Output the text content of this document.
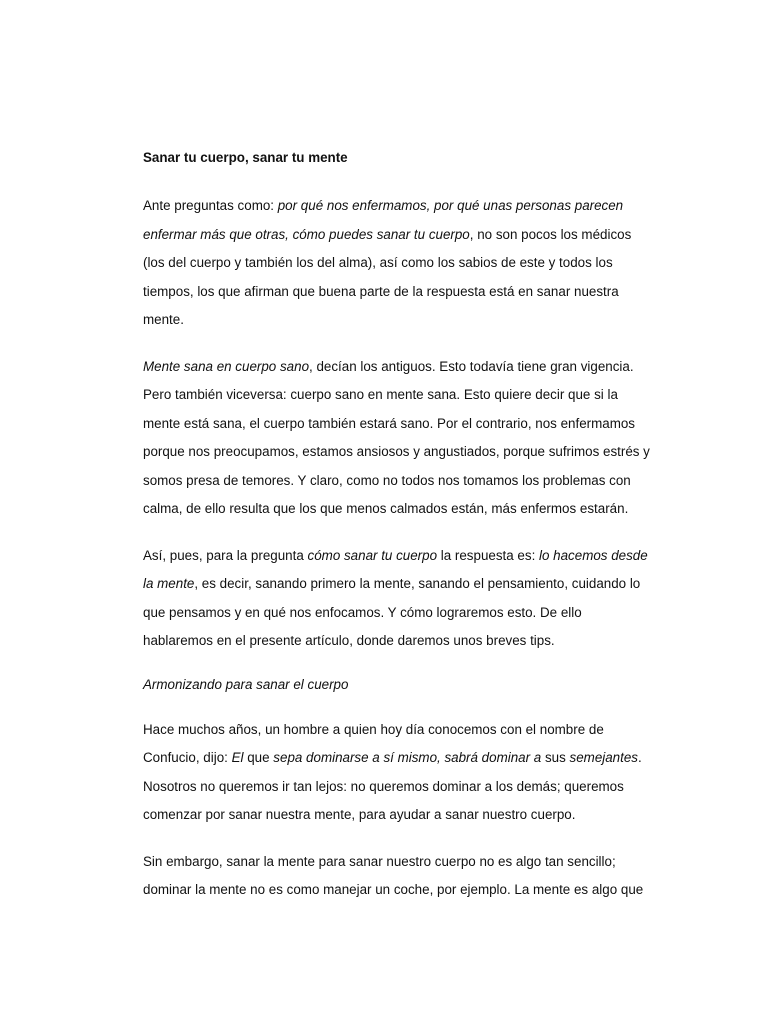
Sanar tu cuerpo, sanar tu mente
Ante preguntas como: por qué nos enfermamos, por qué unas personas parecen
enfermar más que otras, cómo puedes sanar tu cuerpo, no son pocos los médicos
(los del cuerpo y también los del alma), así como los sabios de este y todos los
tiempos, los que afirman que buena parte de la respuesta está en sanar nuestra
mente.
Mente sana en cuerpo sano, decían los antiguos. Esto todavía tiene gran vigencia.
Pero también viceversa: cuerpo sano en mente sana. Esto quiere decir que si la
mente está sana, el cuerpo también estará sano. Por el contrario, nos enfermamos
porque nos preocupamos, estamos ansiosos y angustiados, porque sufrimos estrés y
somos presa de temores. Y claro, como no todos nos tomamos los problemas con
calma, de ello resulta que los que menos calmados están, más enfermos estarán.
Así, pues, para la pregunta cómo sanar tu cuerpo la respuesta es: lo hacemos desde
la mente, es decir, sanando primero la mente, sanando el pensamiento, cuidando lo
que pensamos y en qué nos enfocamos. Y cómo lograremos esto. De ello
hablaremos en el presente artículo, donde daremos unos breves tips.
Armonizando para sanar el cuerpo
Hace muchos años, un hombre a quien hoy día conocemos con el nombre de
Confucio, dijo: El que sepa dominarse a sí mismo, sabrá dominar a sus semejantes.
Nosotros no queremos ir tan lejos: no queremos dominar a los demás; queremos
comenzar por sanar nuestra mente, para ayudar a sanar nuestro cuerpo.
Sin embargo, sanar la mente para sanar nuestro cuerpo no es algo tan sencillo;
dominar la mente no es como manejar un coche, por ejemplo. La mente es algo que
